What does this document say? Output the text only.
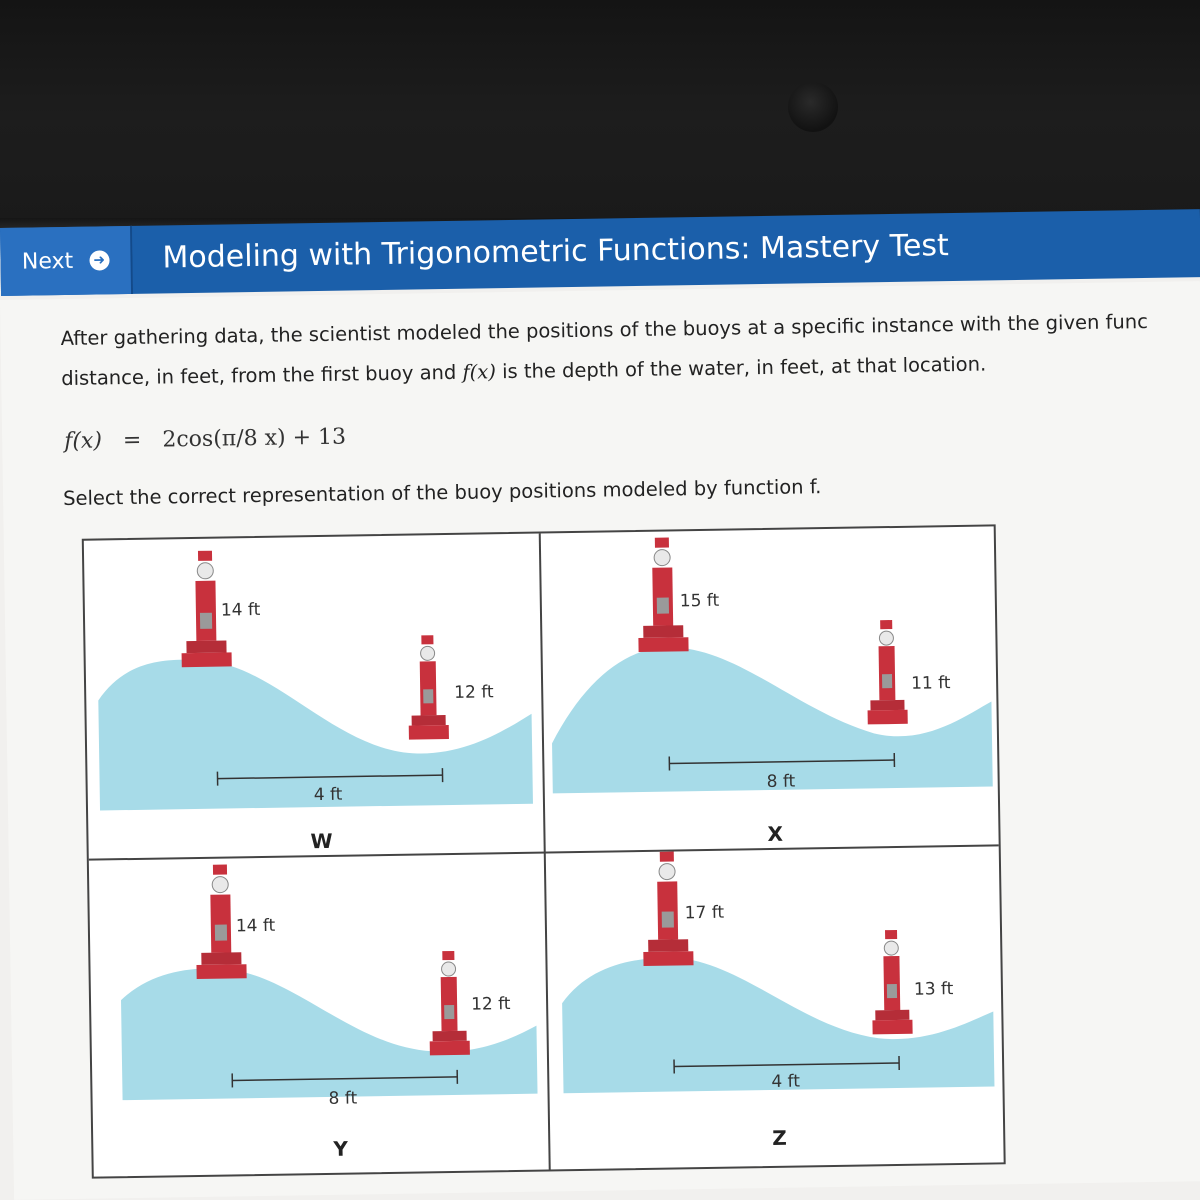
Next ➜ Modeling with Trigonometric Functions: Mastery Test
After gathering data, the scientist modeled the positions of the buoys at a specific instance with the given func
distance, in feet, from the first buoy and f(x) is the depth of the water, in feet, at that location.
f(x) = 2cos(π/8 x) + 13
Select the correct representation of the buoy positions modeled by function f.
14 ft
12 ft
4 ft
W
15 ft
11 ft
8 ft
X
14 ft
12 ft
8 ft
Y
17 ft
13 ft
4 ft
Z
